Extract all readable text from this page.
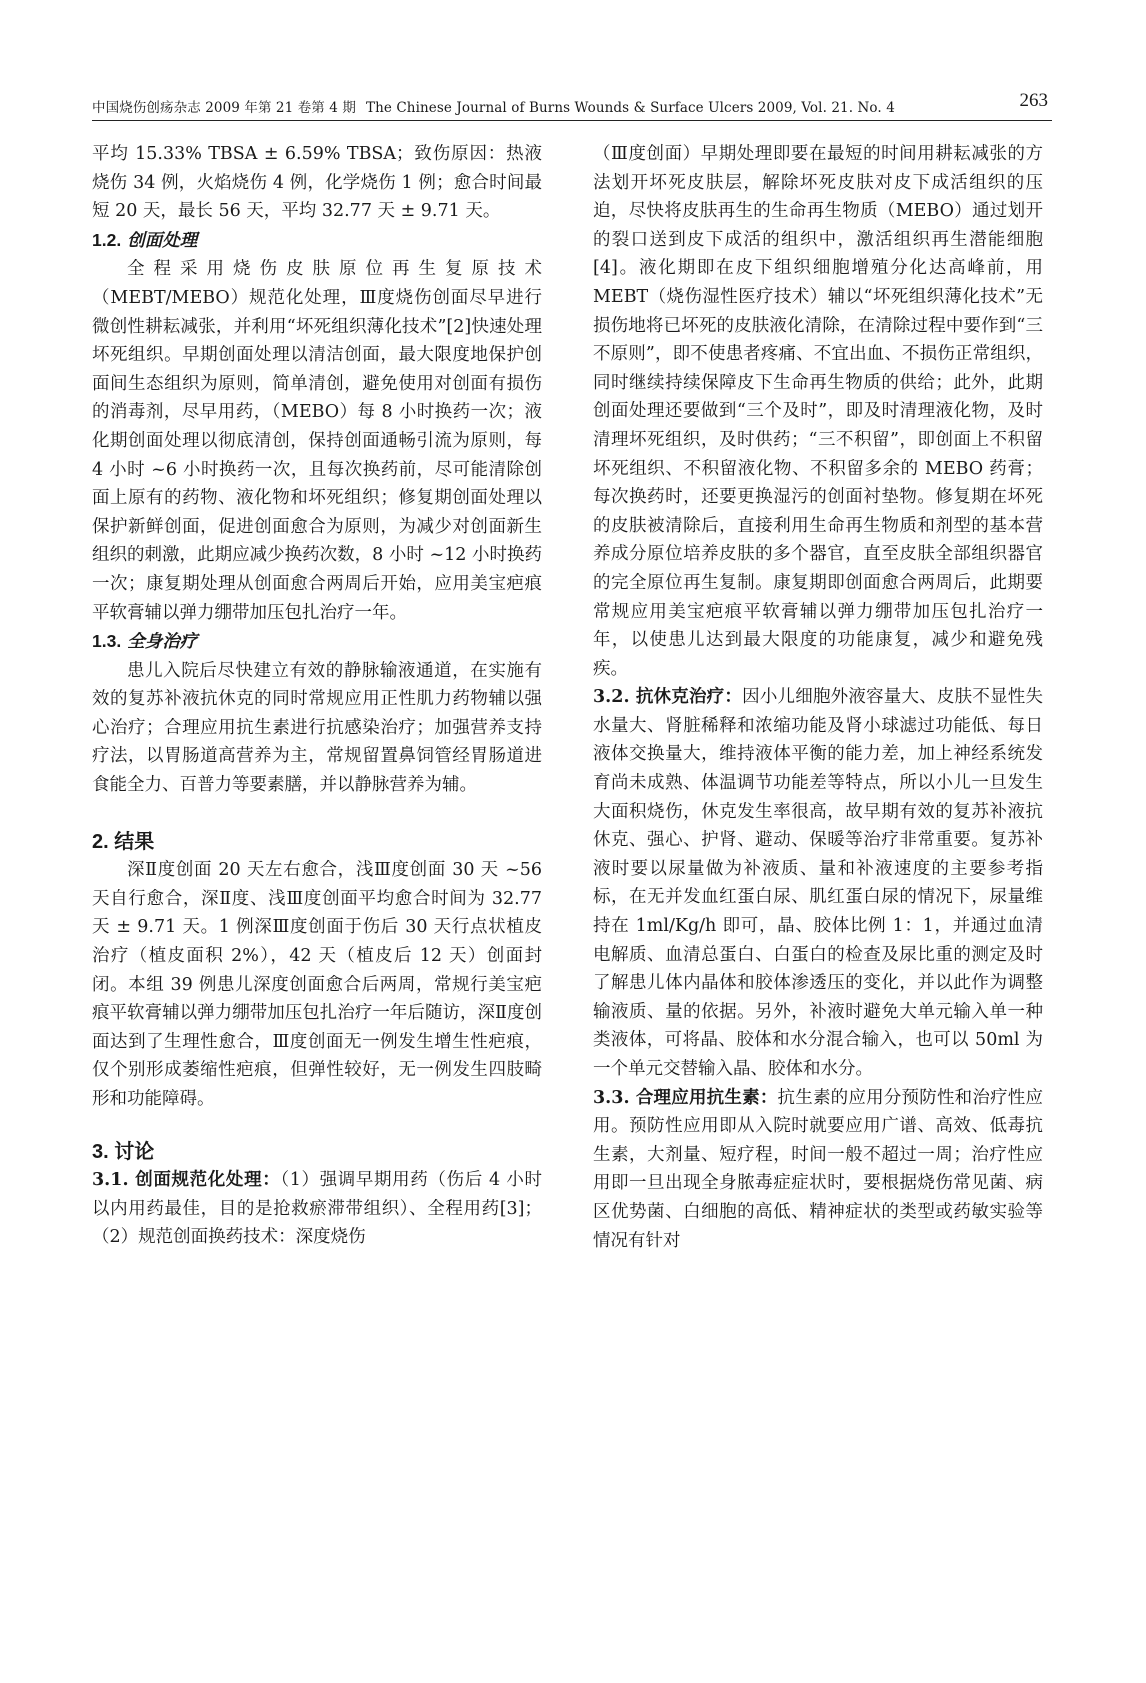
中国烧伤创疡杂志 2009 年第 21 卷第 4 期 The Chinese Journal of Burns Wounds & Surface Ulcers 2009, Vol. 21. No. 4	263

平均 15.33% TBSA ± 6.59% TBSA；致伤原因：热液烧伤 34 例，火焰烧伤 4 例，化学烧伤 1 例；愈合时间最短 20 天，最长 56 天，平均 32.77 天 ± 9.71 天。

1.2. 创面处理

全程采用烧伤皮肤原位再生复原技术（MEBT/MEBO）规范化处理，Ⅲ度烧伤创面尽早进行微创性耕耘减张，并利用“坏死组织薄化技术”[2]快速处理坏死组织。早期创面处理以清洁创面，最大限度地保护创面间生态组织为原则，简单清创，避免使用对创面有损伤的消毒剂，尽早用药，（MEBO）每 8 小时换药一次；液化期创面处理以彻底清创，保持创面通畅引流为原则，每 4 小时 ~6 小时换药一次，且每次换药前，尽可能清除创面上原有的药物、液化物和坏死组织；修复期创面处理以保护新鲜创面，促进创面愈合为原则，为减少对创面新生组织的刺激，此期应减少换药次数，8 小时 ~12 小时换药一次；康复期处理从创面愈合两周后开始，应用美宝疤痕平软膏辅以弹力绷带加压包扎治疗一年。

1.3. 全身治疗

患儿入院后尽快建立有效的静脉输液通道，在实施有效的复苏补液抗休克的同时常规应用正性肌力药物辅以强心治疗；合理应用抗生素进行抗感染治疗；加强营养支持疗法，以胃肠道高营养为主，常规留置鼻饲管经胃肠道进食能全力、百普力等要素膳，并以静脉营养为辅。

2. 结果

深Ⅱ度创面 20 天左右愈合，浅Ⅲ度创面 30 天 ~56 天自行愈合，深Ⅱ度、浅Ⅲ度创面平均愈合时间为 32.77 天 ± 9.71 天。1 例深Ⅲ度创面于伤后 30 天行点状植皮治疗（植皮面积 2%），42 天（植皮后 12 天）创面封闭。本组 39 例患儿深度创面愈合后两周，常规行美宝疤痕平软膏辅以弹力绷带加压包扎治疗一年后随访，深Ⅱ度创面达到了生理性愈合，Ⅲ度创面无一例发生增生性疤痕，仅个别形成萎缩性疤痕，但弹性较好，无一例发生四肢畸形和功能障碍。

3. 讨论

3.1. 创面规范化处理：（1）强调早期用药（伤后 4 小时以内用药最佳，目的是抢救瘀滞带组织）、全程用药[3]；（2）规范创面换药技术：深度烧伤

（Ⅲ度创面）早期处理即要在最短的时间用耕耘减张的方法划开坏死皮肤层，解除坏死皮肤对皮下成活组织的压迫，尽快将皮肤再生的生命再生物质（MEBO）通过划开的裂口送到皮下成活的组织中，激活组织再生潜能细胞[4]。液化期即在皮下组织细胞增殖分化达高峰前，用 MEBT（烧伤湿性医疗技术）辅以“坏死组织薄化技术”无损伤地将已坏死的皮肤液化清除，在清除过程中要作到“三不原则”，即不使患者疼痛、不宜出血、不损伤正常组织，同时继续持续保障皮下生命再生物质的供给；此外，此期创面处理还要做到“三个及时”，即及时清理液化物，及时清理坏死组织，及时供药；“三不积留”，即创面上不积留坏死组织、不积留液化物、不积留多余的 MEBO 药膏；每次换药时，还要更换湿污的创面衬垫物。修复期在坏死的皮肤被清除后，直接利用生命再生物质和剂型的基本营养成分原位培养皮肤的多个器官，直至皮肤全部组织器官的完全原位再生复制。康复期即创面愈合两周后，此期要常规应用美宝疤痕平软膏辅以弹力绷带加压包扎治疗一年，以使患儿达到最大限度的功能康复，减少和避免残疾。

3.2. 抗休克治疗：因小儿细胞外液容量大、皮肤不显性失水量大、肾脏稀释和浓缩功能及肾小球滤过功能低、每日液体交换量大，维持液体平衡的能力差，加上神经系统发育尚未成熟、体温调节功能差等特点，所以小儿一旦发生大面积烧伤，休克发生率很高，故早期有效的复苏补液抗休克、强心、护肾、避动、保暖等治疗非常重要。复苏补液时要以尿量做为补液质、量和补液速度的主要参考指标，在无并发血红蛋白尿、肌红蛋白尿的情况下，尿量维持在 1ml/Kg/h 即可，晶、胶体比例 1：1，并通过血清电解质、血清总蛋白、白蛋白的检查及尿比重的测定及时了解患儿体内晶体和胶体渗透压的变化，并以此作为调整输液质、量的依据。另外，补液时避免大单元输入单一种类液体，可将晶、胶体和水分混合输入，也可以 50ml 为一个单元交替输入晶、胶体和水分。

3.3. 合理应用抗生素：抗生素的应用分预防性和治疗性应用。预防性应用即从入院时就要应用广谱、高效、低毒抗生素，大剂量、短疗程，时间一般不超过一周；治疗性应用即一旦出现全身脓毒症症状时，要根据烧伤常见菌、病区优势菌、白细胞的高低、精神症状的类型或药敏实验等情况有针对
